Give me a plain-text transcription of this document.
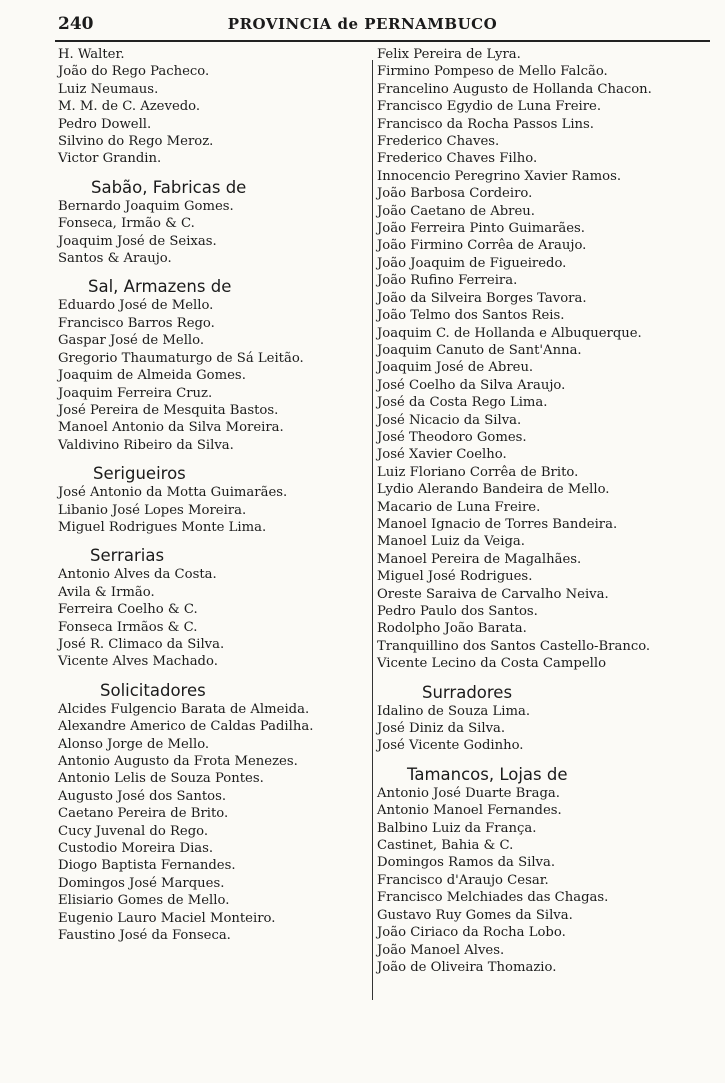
240	PROVINCIA de PERNAMBUCO
H. Walter.
João do Rego Pacheco.
Luiz Neumaus.
M. M. de C. Azevedo.
Pedro Dowell.
Silvino do Rego Meroz.
Victor Grandin.
Sabão, Fabricas de
Bernardo Joaquim Gomes.
Fonseca, Irmão & C.
Joaquim José de Seixas.
Santos & Araujo.
Sal, Armazens de
Eduardo José de Mello.
Francisco Barros Rego.
Gaspar José de Mello.
Gregorio Thaumaturgo de Sá Leitão.
Joaquim de Almeida Gomes.
Joaquim Ferreira Cruz.
José Pereira de Mesquita Bastos.
Manoel Antonio da Silva Moreira.
Valdivino Ribeiro da Silva.
Serigueiros
José Antonio da Motta Guimarães.
Libanio José Lopes Moreira.
Miguel Rodrigues Monte Lima.
Serrarias
Antonio Alves da Costa.
Avila & Irmão.
Ferreira Coelho & C.
Fonseca Irmãos & C.
José R. Climaco da Silva.
Vicente Alves Machado.
Solicitadores
Alcides Fulgencio Barata de Almeida.
Alexandre Americo de Caldas Padilha.
Alonso Jorge de Mello.
Antonio Augusto da Frota Menezes.
Antonio Lelis de Souza Pontes.
Augusto José dos Santos.
Caetano Pereira de Brito.
Cucy Juvenal do Rego.
Custodio Moreira Dias.
Diogo Baptista Fernandes.
Domingos José Marques.
Elisiario Gomes de Mello.
Eugenio Lauro Maciel Monteiro.
Faustino José da Fonseca.
Felix Pereira de Lyra.
Firmino Pompeso de Mello Falcão.
Francelino Augusto de Hollanda Chacon.
Francisco Egydio de Luna Freire.
Francisco da Rocha Passos Lins.
Frederico Chaves.
Frederico Chaves Filho.
Innocencio Peregrino Xavier Ramos.
João Barbosa Cordeiro.
João Caetano de Abreu.
João Ferreira Pinto Guimarães.
João Firmino Corrêa de Araujo.
João Joaquim de Figueiredo.
João Rufino Ferreira.
João da Silveira Borges Tavora.
João Telmo dos Santos Reis.
Joaquim C. de Hollanda e Albuquerque.
Joaquim Canuto de Sant'Anna.
Joaquim José de Abreu.
José Coelho da Silva Araujo.
José da Costa Rego Lima.
José Nicacio da Silva.
José Theodoro Gomes.
José Xavier Coelho.
Luiz Floriano Corrêa de Brito.
Lydio Alerando Bandeira de Mello.
Macario de Luna Freire.
Manoel Ignacio de Torres Bandeira.
Manoel Luiz da Veiga.
Manoel Pereira de Magalhães.
Miguel José Rodrigues.
Oreste Saraiva de Carvalho Neiva.
Pedro Paulo dos Santos.
Rodolpho João Barata.
Tranquillino dos Santos Castello-Branco.
Vicente Lecino da Costa Campello
Surradores
Idalino de Souza Lima.
José Diniz da Silva.
José Vicente Godinho.
Tamancos, Lojas de
Antonio José Duarte Braga.
Antonio Manoel Fernandes.
Balbino Luiz da França.
Castinet, Bahia & C.
Domingos Ramos da Silva.
Francisco d'Araujo Cesar.
Francisco Melchiades das Chagas.
Gustavo Ruy Gomes da Silva.
João Ciriaco da Rocha Lobo.
João Manoel Alves.
João de Oliveira Thomazio.
